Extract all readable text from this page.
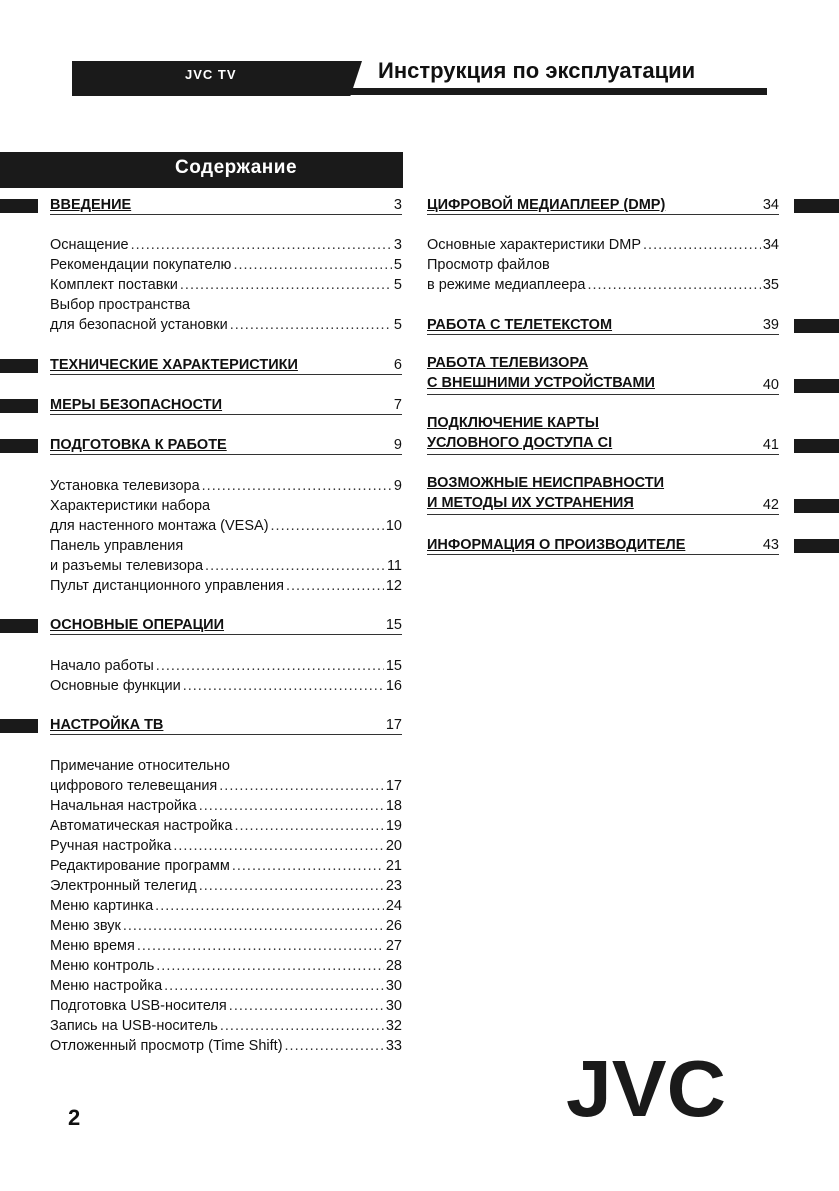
JVC TV	Инструкция по эксплуатации
Содержание
ВВЕДЕНИЕ	3
Оснащение .....	3
Рекомендации покупателю .....	5
Комплект поставки .....	5
Выбор пространства
для безопасной установки .....	5
ТЕХНИЧЕСКИЕ ХАРАКТЕРИСТИКИ	6
МЕРЫ БЕЗОПАСНОСТИ	7
ПОДГОТОВКА К РАБОТЕ	9
Установка телевизора .....	9
Характеристики набора
для настенного монтажа (VESA) .....	10
Панель управления
и разъемы телевизора .....	11
Пульт дистанционного управления .....	12
ОСНОВНЫЕ ОПЕРАЦИИ	15
Начало работы .....	15
Основные функции .....	16
НАСТРОЙКА ТВ	17
Примечание относительно
цифрового телевещания .....	17
Начальная настройка .....	18
Автоматическая настройка .....	19
Ручная настройка .....	20
Редактирование программ .....	21
Электронный телегид .....	23
Меню картинка .....	24
Меню звук .....	26
Меню время .....	27
Меню контроль .....	28
Меню настройка .....	30
Подготовка USB-носителя .....	30
Запись на USB-носитель .....	32
Отложенный просмотр (Time Shift) .....	33
ЦИФРОВОЙ МЕДИАПЛЕЕР (DMP)	34
Основные характеристики DMP .....	34
Просмотр файлов
в режиме медиаплеера .....	35
РАБОТА С ТЕЛЕТЕКСТОМ	39
РАБОТА ТЕЛЕВИЗОРА
С ВНЕШНИМИ УСТРОЙСТВАМИ	40
ПОДКЛЮЧЕНИЕ КАРТЫ
УСЛОВНОГО ДОСТУПА CI	41
ВОЗМОЖНЫЕ НЕИСПРАВНОСТИ
И МЕТОДЫ ИХ УСТРАНЕНИЯ	42
ИНФОРМАЦИЯ О ПРОИЗВОДИТЕЛЕ	43
2	JVC
